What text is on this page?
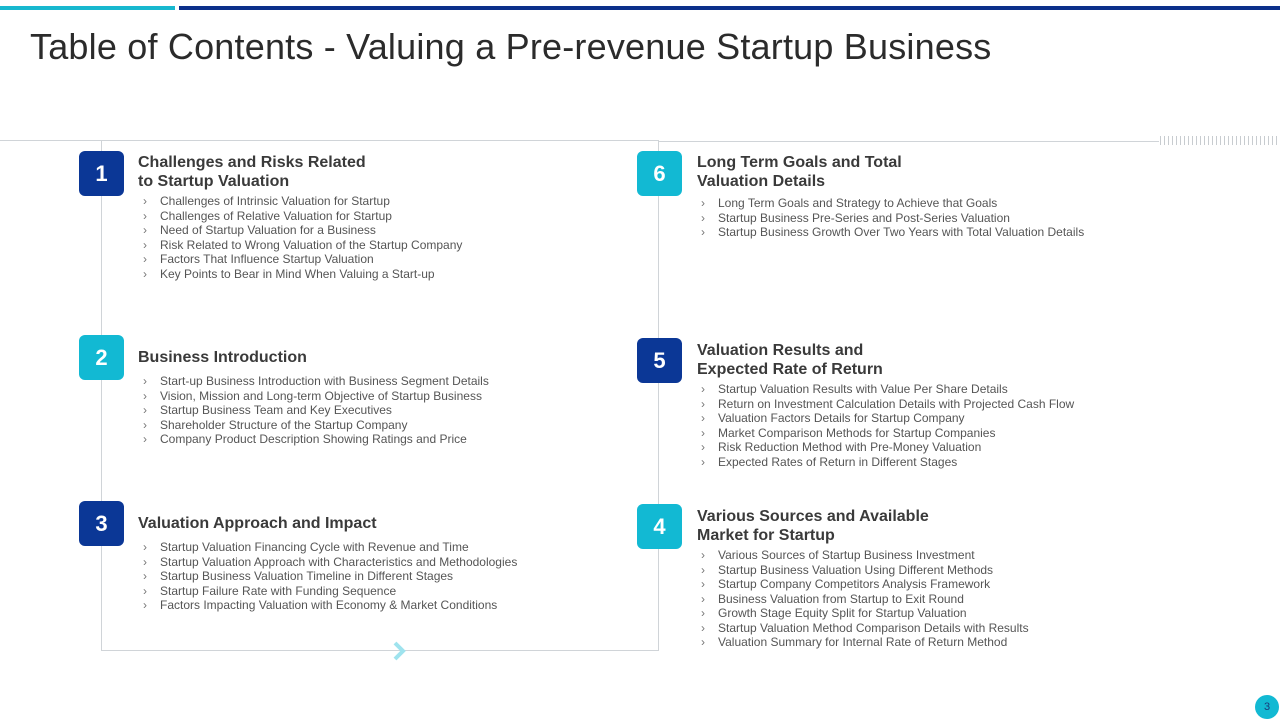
Table of Contents - Valuing a Pre-revenue Startup Business
1	Challenges and Risks Related
to Startup Valuation
› Challenges of Intrinsic Valuation for Startup
› Challenges of Relative Valuation for Startup
› Need of Startup Valuation for a Business
› Risk Related to Wrong Valuation of the Startup Company
› Factors That Influence Startup Valuation
› Key Points to Bear in Mind When Valuing a Start-up
2	Business Introduction
› Start-up Business Introduction with Business Segment Details
› Vision, Mission and Long-term Objective of Startup Business
› Startup Business Team and Key Executives
› Shareholder Structure of the Startup Company
› Company Product Description Showing Ratings and Price
3	Valuation Approach and Impact
› Startup Valuation Financing Cycle with Revenue and Time
› Startup Valuation Approach with Characteristics and Methodologies
› Startup Business Valuation Timeline in Different Stages
› Startup Failure Rate with Funding Sequence
› Factors Impacting Valuation with Economy & Market Conditions
6	Long Term Goals and Total
Valuation Details
› Long Term Goals and Strategy to Achieve that Goals
› Startup Business Pre-Series and Post-Series Valuation
› Startup Business Growth Over Two Years with Total Valuation Details
5	Valuation Results and
Expected Rate of Return
› Startup Valuation Results with Value Per Share Details
› Return on Investment Calculation Details with Projected Cash Flow
› Valuation Factors Details for Startup Company
› Market Comparison Methods for Startup Companies
› Risk Reduction Method with Pre-Money Valuation
› Expected Rates of Return in Different Stages
4	Various Sources and Available
Market for Startup
› Various Sources of Startup Business Investment
› Startup Business Valuation Using Different Methods
› Startup Company Competitors Analysis Framework
› Business Valuation from Startup to Exit Round
› Growth Stage Equity Split for Startup Valuation
› Startup Valuation Method Comparison Details with Results
› Valuation Summary for Internal Rate of Return Method
3
